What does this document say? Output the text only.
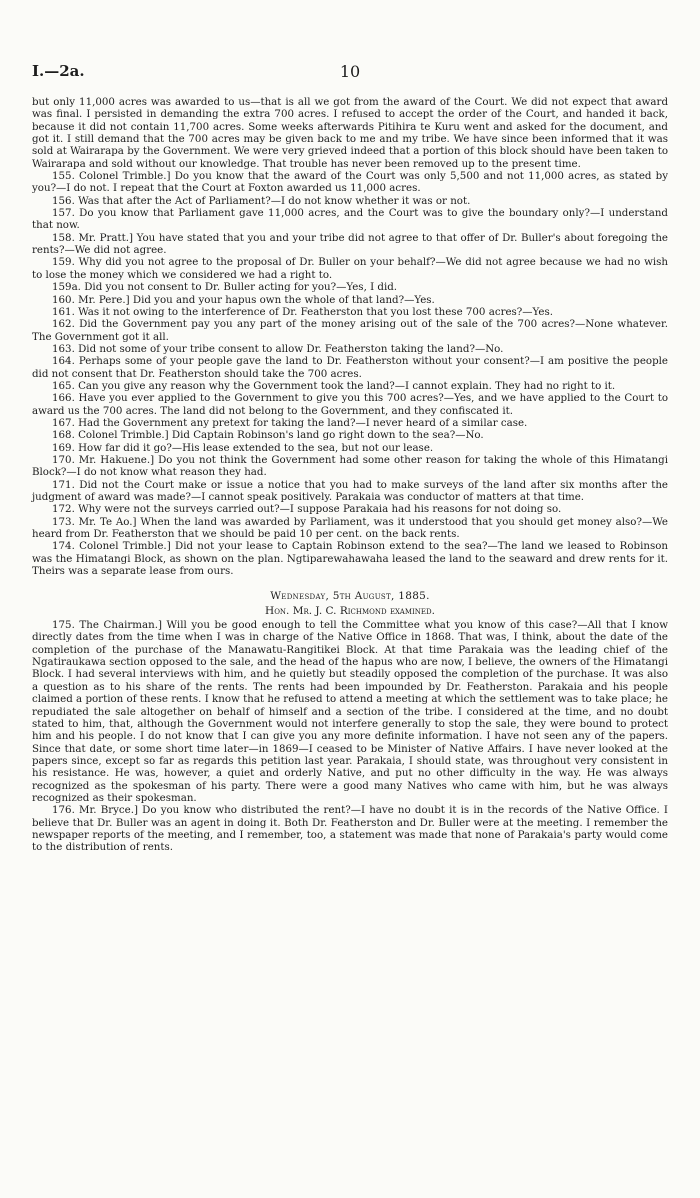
I.—2a.	10

but only 11,000 acres was awarded to us—that is all we got from the award of the Court. We did not expect that award was final. I persisted in demanding the extra 700 acres. I refused to accept the order of the Court, and handed it back, because it did not contain 11,700 acres. Some weeks afterwards Pitihira te Kuru went and asked for the document, and got it. I still demand that the 700 acres may be given back to me and my tribe. We have since been informed that it was sold at Wairarapa by the Government. We were very grieved indeed that a portion of this block should have been taken to Wairarapa and sold without our knowledge. That trouble has never been removed up to the present time.

155. Colonel Trimble.] Do you know that the award of the Court was only 5,500 and not 11,000 acres, as stated by you?—I do not. I repeat that the Court at Foxton awarded us 11,000 acres.

156. Was that after the Act of Parliament?—I do not know whether it was or not.

157. Do you know that Parliament gave 11,000 acres, and the Court was to give the boundary only?—I understand that now.

158. Mr. Pratt.] You have stated that you and your tribe did not agree to that offer of Dr. Buller's about foregoing the rents?—We did not agree.

159. Why did you not agree to the proposal of Dr. Buller on your behalf?—We did not agree because we had no wish to lose the money which we considered we had a right to.

159a. Did you not consent to Dr. Buller acting for you?—Yes, I did.

160. Mr. Pere.] Did you and your hapus own the whole of that land?—Yes.

161. Was it not owing to the interference of Dr. Featherston that you lost these 700 acres?—Yes.

162. Did the Government pay you any part of the money arising out of the sale of the 700 acres?—None whatever. The Government got it all.

163. Did not some of your tribe consent to allow Dr. Featherston taking the land?—No.

164. Perhaps some of your people gave the land to Dr. Featherston without your consent?—I am positive the people did not consent that Dr. Featherston should take the 700 acres.

165. Can you give any reason why the Government took the land?—I cannot explain. They had no right to it.

166. Have you ever applied to the Government to give you this 700 acres?—Yes, and we have applied to the Court to award us the 700 acres. The land did not belong to the Government, and they confiscated it.

167. Had the Government any pretext for taking the land?—I never heard of a similar case.

168. Colonel Trimble.] Did Captain Robinson's land go right down to the sea?—No.

169. How far did it go?—His lease extended to the sea, but not our lease.

170. Mr. Hakuene.] Do you not think the Government had some other reason for taking the whole of this Himatangi Block?—I do not know what reason they had.

171. Did not the Court make or issue a notice that you had to make surveys of the land after six months after the judgment of award was made?—I cannot speak positively. Parakaia was conductor of matters at that time.

172. Why were not the surveys carried out?—I suppose Parakaia had his reasons for not doing so.

173. Mr. Te Ao.] When the land was awarded by Parliament, was it understood that you should get money also?—We heard from Dr. Featherston that we should be paid 10 per cent. on the back rents.

174. Colonel Trimble.] Did not your lease to Captain Robinson extend to the sea?—The land we leased to Robinson was the Himatangi Block, as shown on the plan. Ngtiparewahawaha leased the land to the seaward and drew rents for it. Theirs was a separate lease from ours.

Wednesday, 5th August, 1885.

Hon. Mr. J. C. Richmond examined.

175. The Chairman.] Will you be good enough to tell the Committee what you know of this case?—All that I know directly dates from the time when I was in charge of the Native Office in 1868. That was, I think, about the date of the completion of the purchase of the Manawatu-Rangitikei Block. At that time Parakaia was the leading chief of the Ngatiraukawa section opposed to the sale, and the head of the hapus who are now, I believe, the owners of the Himatangi Block. I had several interviews with him, and he quietly but steadily opposed the completion of the purchase. It was also a question as to his share of the rents. The rents had been impounded by Dr. Featherston. Parakaia and his people claimed a portion of these rents. I know that he refused to attend a meeting at which the settlement was to take place; he repudiated the sale altogether on behalf of himself and a section of the tribe. I considered at the time, and no doubt stated to him, that, although the Government would not interfere generally to stop the sale, they were bound to protect him and his people. I do not know that I can give you any more definite information. I have not seen any of the papers. Since that date, or some short time later—in 1869—I ceased to be Minister of Native Affairs. I have never looked at the papers since, except so far as regards this petition last year. Parakaia, I should state, was throughout very consistent in his resistance. He was, however, a quiet and orderly Native, and put no other difficulty in the way. He was always recognized as the spokesman of his party. There were a good many Natives who came with him, but he was always recognized as their spokesman.

176. Mr. Bryce.] Do you know who distributed the rent?—I have no doubt it is in the records of the Native Office. I believe that Dr. Buller was an agent in doing it. Both Dr. Featherston and Dr. Buller were at the meeting. I remember the newspaper reports of the meeting, and I remember, too, a statement was made that none of Parakaia's party would come to the distribution of rents.
